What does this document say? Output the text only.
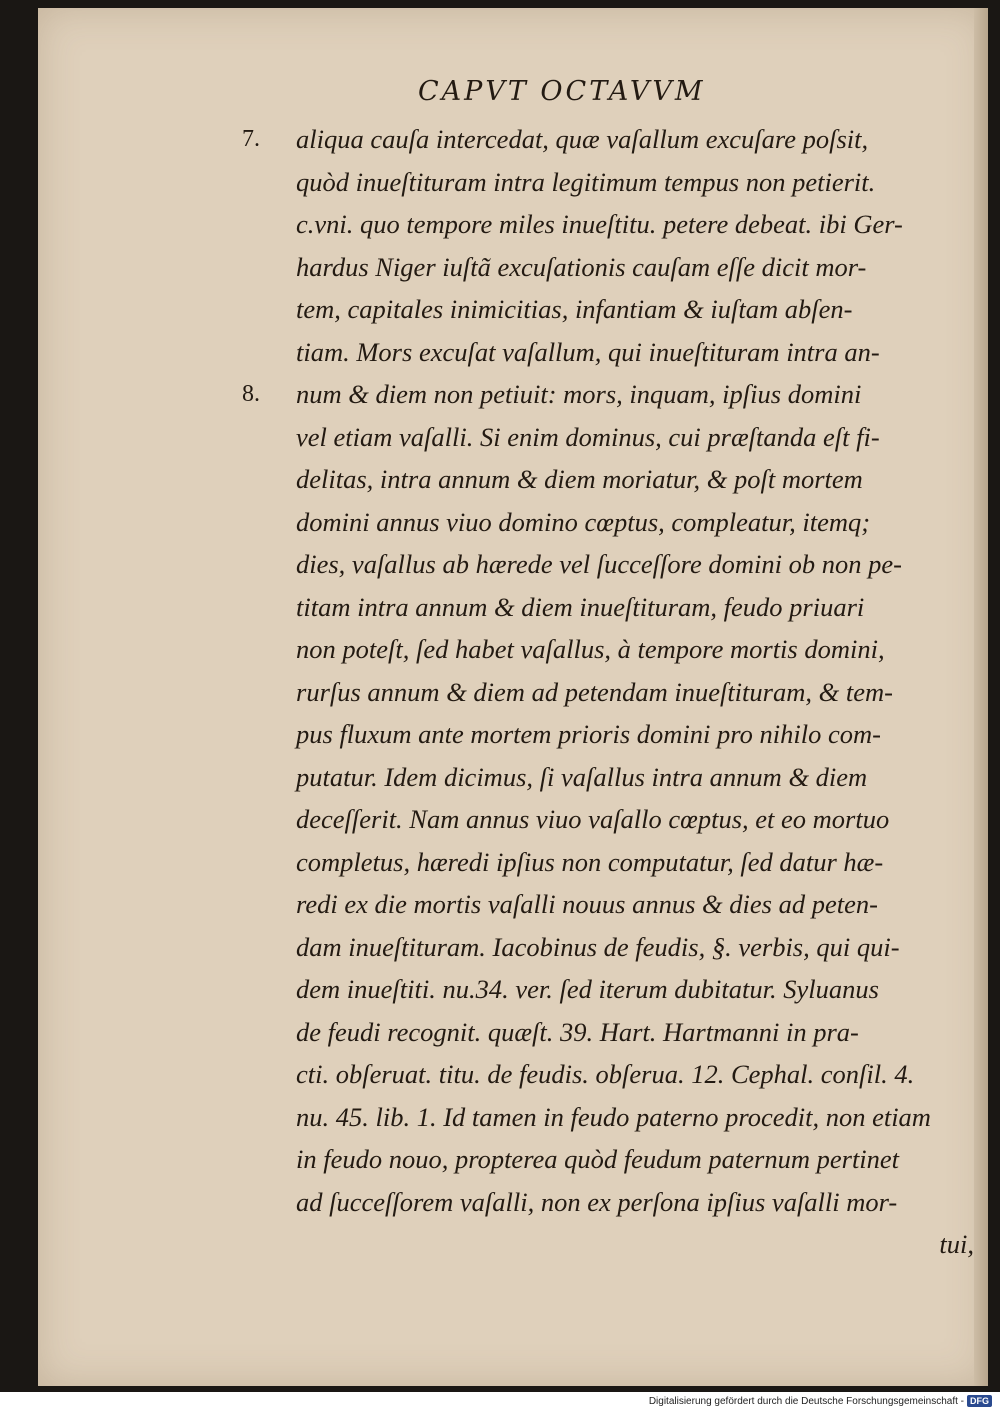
CAPVT OCTAVVM
7. aliqua cauſa intercedat, quæ vaſallum excuſare poſsit,
quòd inueſtituram intra legitimum tempus non petierit.
c.vni. quo tempore miles inueſtitu. petere debeat. ibi Ger-
hardus Niger iuſtã excuſationis cauſam eſſe dicit mor-
tem, capitales inimicitias, infantiam & iuſtam abſen-
tiam. Mors excuſat vaſallum, qui inueſtituram intra an-
8. num & diem non petiuit: mors, inquam, ipſius domini
vel etiam vaſalli. Si enim dominus, cui præſtanda eſt fi-
delitas, intra annum & diem moriatur, & poſt mortem
domini annus viuo domino cœptus, compleatur, itemq;
dies, vaſallus ab hærede vel ſucceſſore domini ob non pe-
titam intra annum & diem inueſtituram, feudo priuari
non poteſt, ſed habet vaſallus, à tempore mortis domini,
rurſus annum & diem ad petendam inueſtituram, & tem-
pus fluxum ante mortem prioris domini pro nihilo com-
putatur. Idem dicimus, ſi vaſallus intra annum & diem
deceſſerit. Nam annus viuo vaſallo cœptus, et eo mortuo
completus, hæredi ipſius non computatur, ſed datur hæ-
redi ex die mortis vaſalli nouus annus & dies ad peten-
dam inueſtituram. Iacobinus de feudis, §. verbis, qui qui-
dem inueſtiti. nu.34. ver. ſed iterum dubitatur. Syluanus
de feudi recognit. quæſt. 39. Hart. Hartmanni in pra-
cti. obſeruat. titu. de feudis. obſerua. 12. Cephal. conſil. 4.
nu. 45. lib. 1. Id tamen in feudo paterno procedit, non etiam
in feudo nouo, propterea quòd feudum paternum pertinet
ad ſucceſſorem vaſalli, non ex perſona ipſius vaſalli mor-
tui,
Digitalisierung gefördert durch die Deutsche Forschungsgemeinschaft - DFG
